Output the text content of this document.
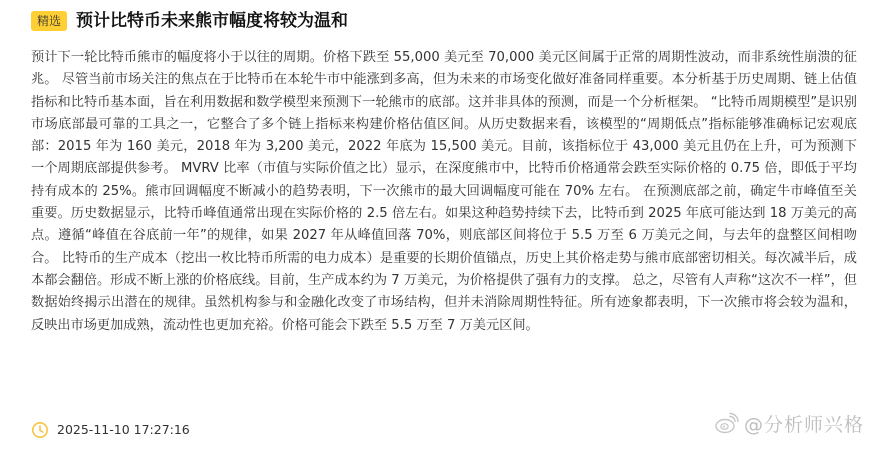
精选 预计比特币未来熊市幅度将较为温和

预计下一轮比特币熊市的幅度将小于以往的周期。价格下跌至 55,000 美元至 70,000 美元区间属于正常的周期性波动，而非系统性崩溃的征兆。 尽管当前市场关注的焦点在于比特币在本轮牛市中能涨到多高，但为未来的市场变化做好准备同样重要。本分析基于历史周期、链上估值指标和比特币基本面，旨在利用数据和数学模型来预测下一轮熊市的底部。这并非具体的预测，而是一个分析框架。 “比特币周期模型”是识别市场底部最可靠的工具之一，它整合了多个链上指标来构建价格估值区间。从历史数据来看，该模型的“周期低点”指标能够准确标记宏观底部：2015 年为 160 美元，2018 年为 3,200 美元，2022 年底为 15,500 美元。目前，该指标位于 43,000 美元且仍在上升，可为预测下一个周期底部提供参考。 MVRV 比率（市值与实际价值之比）显示，在深度熊市中，比特币价格通常会跌至实际价格的 0.75 倍，即低于平均持有成本的 25%。熊市回调幅度不断减小的趋势表明，下一次熊市的最大回调幅度可能在 70% 左右。 在预测底部之前，确定牛市峰值至关重要。历史数据显示，比特币峰值通常出现在实际价格的 2.5 倍左右。如果这种趋势持续下去，比特币到 2025 年底可能达到 18 万美元的高点。遵循“峰值在谷底前一年”的规律，如果 2027 年从峰值回落 70%，则底部区间将位于 5.5 万至 6 万美元之间，与去年的盘整区间相吻合。 比特币的生产成本（挖出一枚比特币所需的电力成本）是重要的长期价值锚点，历史上其价格走势与熊市底部密切相关。每次减半后，成本都会翻倍。形成不断上涨的价格底线。目前，生产成本约为 7 万美元，为价格提供了强有力的支撑。 总之，尽管有人声称“这次不一样”，但数据始终揭示出潜在的规律。虽然机构参与和金融化改变了市场结构，但并未消除周期性特征。所有迹象都表明，下一次熊市将会较为温和，反映出市场更加成熟，流动性也更加充裕。价格可能会下跌至 5.5 万至 7 万美元区间。

2025-11-10 17:27:16	@分析师兴格
